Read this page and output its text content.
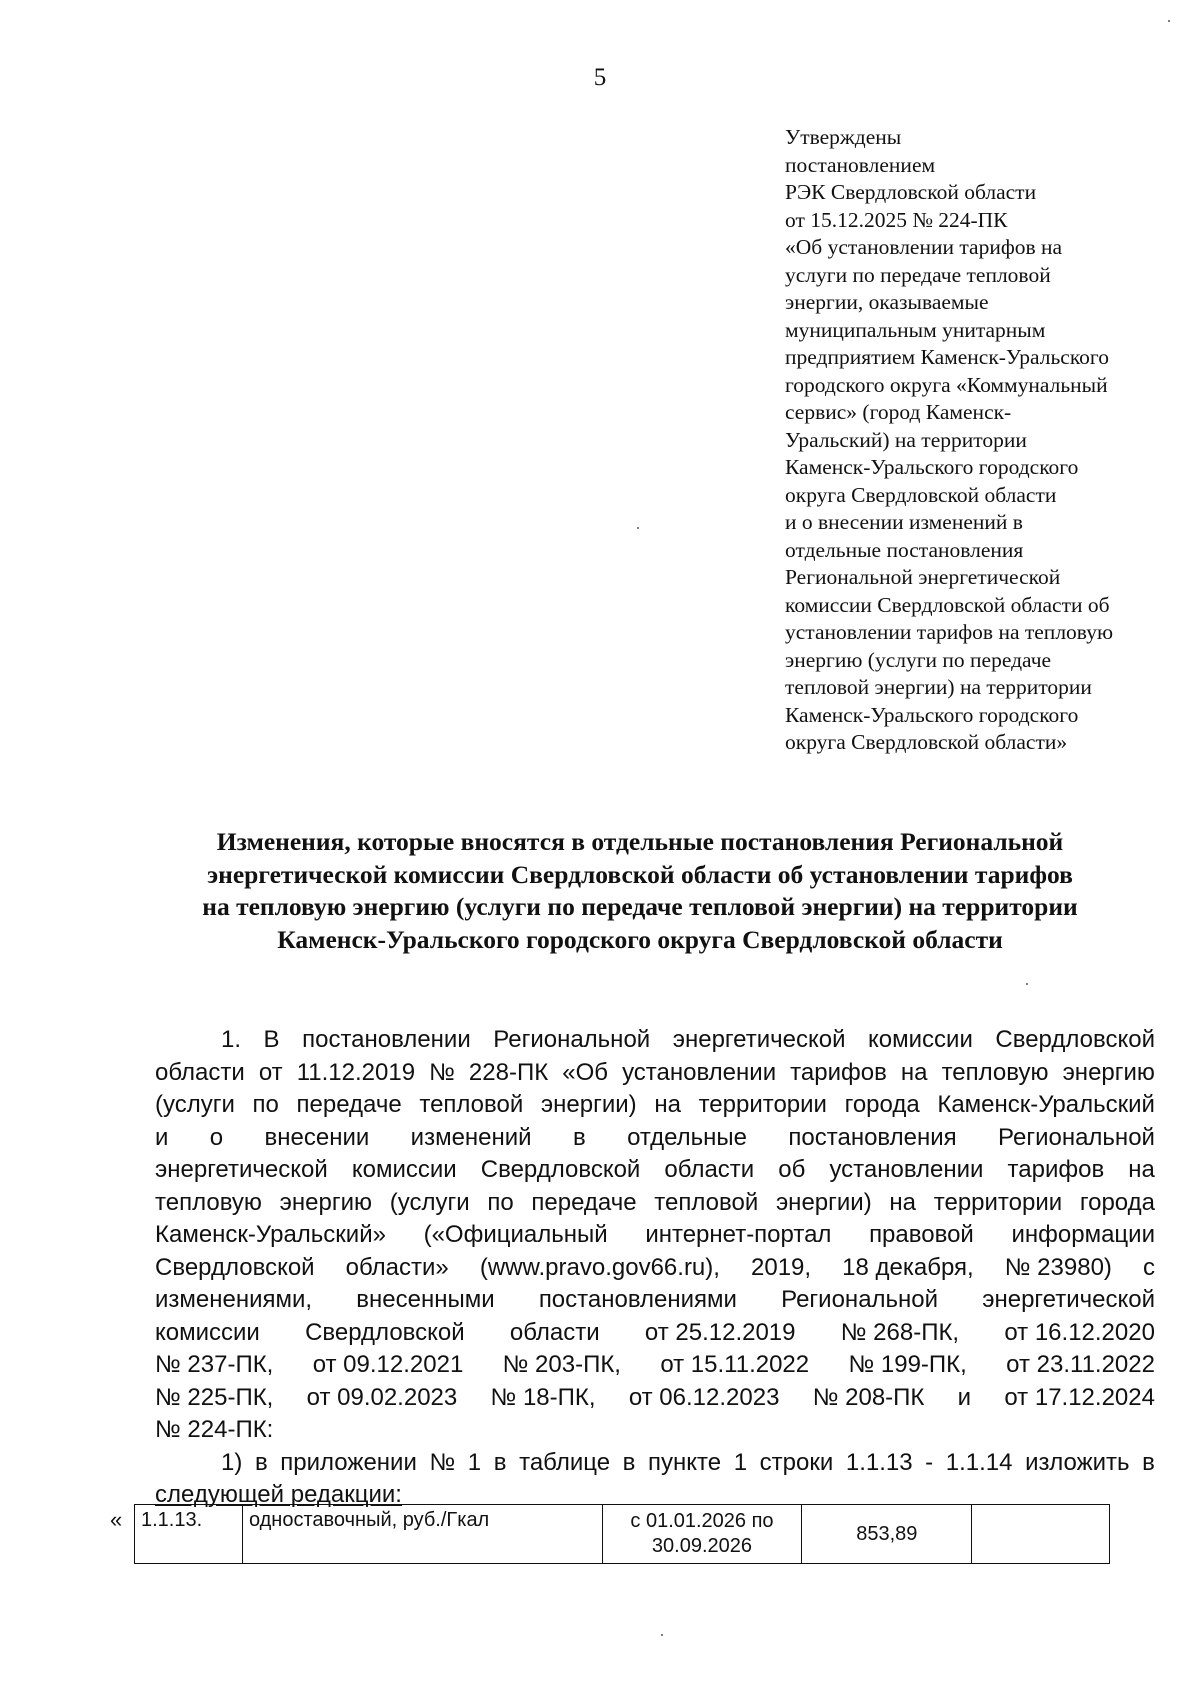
5
Утверждены
постановлением
РЭК Свердловской области
от 15.12.2025 № 224-ПК
«Об установлении тарифов на
услуги по передаче тепловой
энергии, оказываемые
муниципальным унитарным
предприятием Каменск-Уральского
городского округа «Коммунальный
сервис» (город Каменск-
Уральский) на территории
Каменск-Уральского городского
округа Свердловской области
и о внесении изменений в
отдельные постановления
Региональной энергетической
комиссии Свердловской области об
установлении тарифов на тепловую
энергию (услуги по передаче
тепловой энергии) на территории
Каменск-Уральского городского
округа Свердловской области»
Изменения, которые вносятся в отдельные постановления Региональной
энергетической комиссии Свердловской области об установлении тарифов
на тепловую энергию (услуги по передаче тепловой энергии) на территории
Каменск-Уральского городского округа Свердловской области
1. В постановлении Региональной энергетической комиссии Свердловской
области от 11.12.2019 № 228-ПК «Об установлении тарифов на тепловую энергию
(услуги по передаче тепловой энергии) на территории города Каменск-Уральский
и о внесении изменений в отдельные постановления Региональной
энергетической комиссии Свердловской области об установлении тарифов на
тепловую энергию (услуги по передаче тепловой энергии) на территории города
Каменск-Уральский» («Официальный интернет-портал правовой информации
Свердловской области» (www.pravo.gov66.ru), 2019, 18 декабря, № 23980) с
изменениями, внесенными постановлениями Региональной энергетической
комиссии Свердловской области от 25.12.2019 № 268-ПК, от 16.12.2020
№ 237-ПК, от 09.12.2021 № 203-ПК, от 15.11.2022 № 199-ПК, от 23.11.2022
№ 225-ПК, от 09.02.2023 № 18-ПК, от 06.12.2023 № 208-ПК и от 17.12.2024
№ 224-ПК:
1) в приложении № 1 в таблице в пункте 1 строки 1.1.13 - 1.1.14 изложить в
следующей редакции:
« 1.1.13.	одноставочный, руб./Гкал	с 01.01.2026 по 30.09.2026	853,89	
